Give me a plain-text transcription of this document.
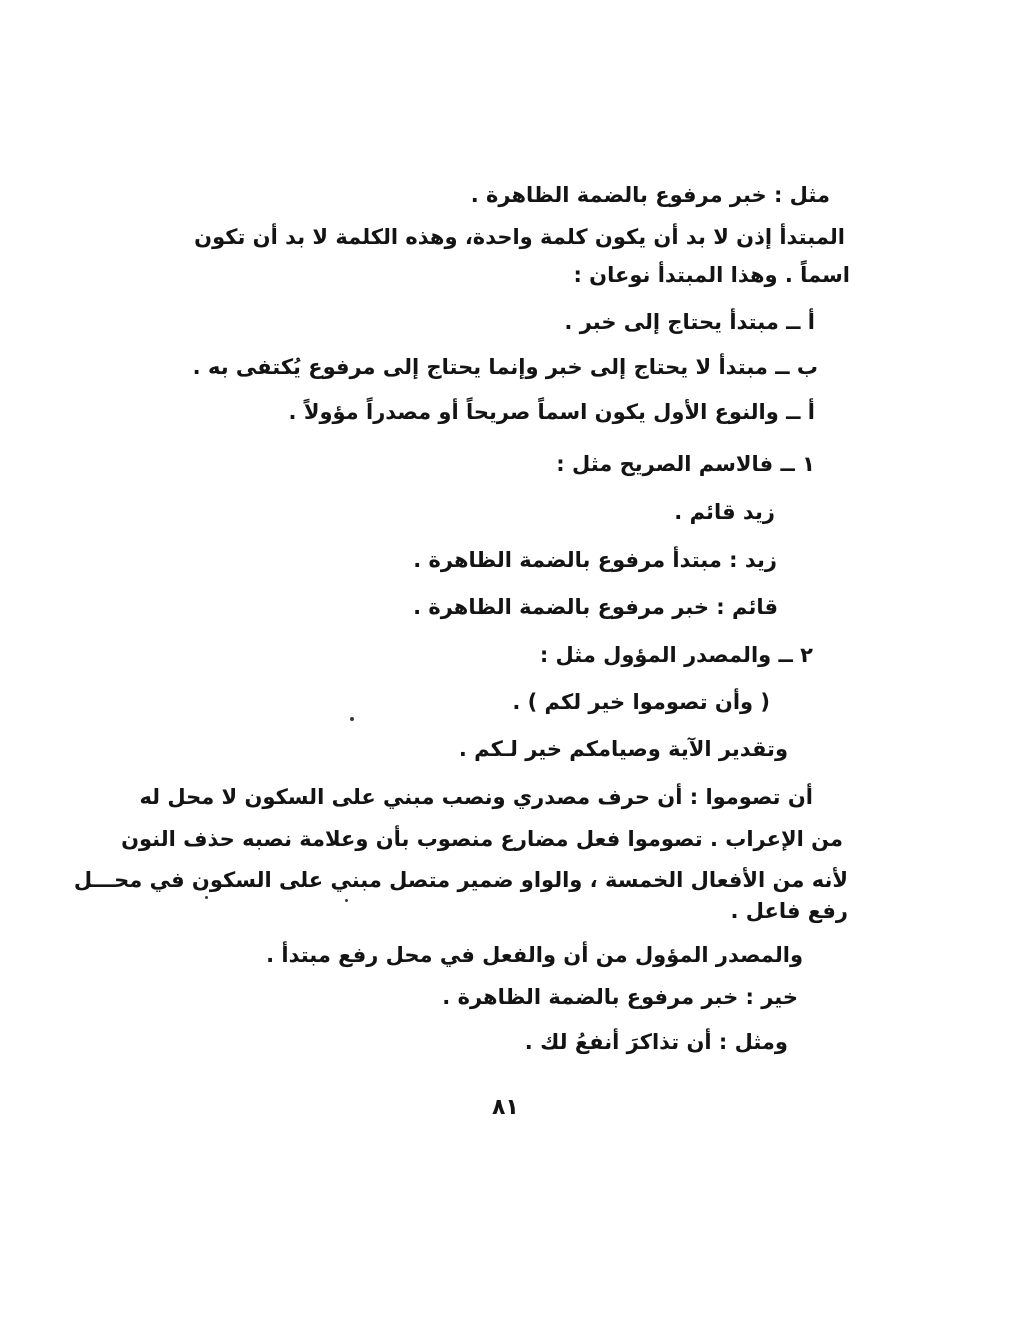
مثل : خبر مرفوع بالضمة الظاهرة .
المبتدأ إذن لا بد أن يكون كلمة واحدة، وهذه الكلمة لا بد أن تكون
اسماً . وهذا المبتدأ نوعان :
أ ــ مبتدأ يحتاج إلى خبر .
ب ــ مبتدأ لا يحتاج إلى خبر وإنما يحتاج إلى مرفوع يُكتفى به .
أ ــ والنوع الأول يكون اسماً صريحاً أو مصدراً مؤولاً .
١ ــ فالاسم الصريح مثل :
زيد قائم .
زيد : مبتدأ مرفوع بالضمة الظاهرة .
قائم : خبر مرفوع بالضمة الظاهرة .
٢ ــ والمصدر المؤول مثل :
( وأن تصوموا خير لكم ) .
وتقدير الآية وصيامكم خير لـكم .
أن تصوموا : أن حرف مصدري ونصب مبني على السكون لا محل له
من الإعراب . تصوموا فعل مضارع منصوب بأن وعلامة نصبه حذف النون
لأنه من الأفعال الخمسة ، والواو ضمير متصل مبني على السكون في محـــل
رفع فاعل .
والمصدر المؤول من أن والفعل في محل رفع مبتدأ .
خير : خبر مرفوع بالضمة الظاهرة .
ومثل : أن تذاكرَ أنفعُ لك .
٨١
